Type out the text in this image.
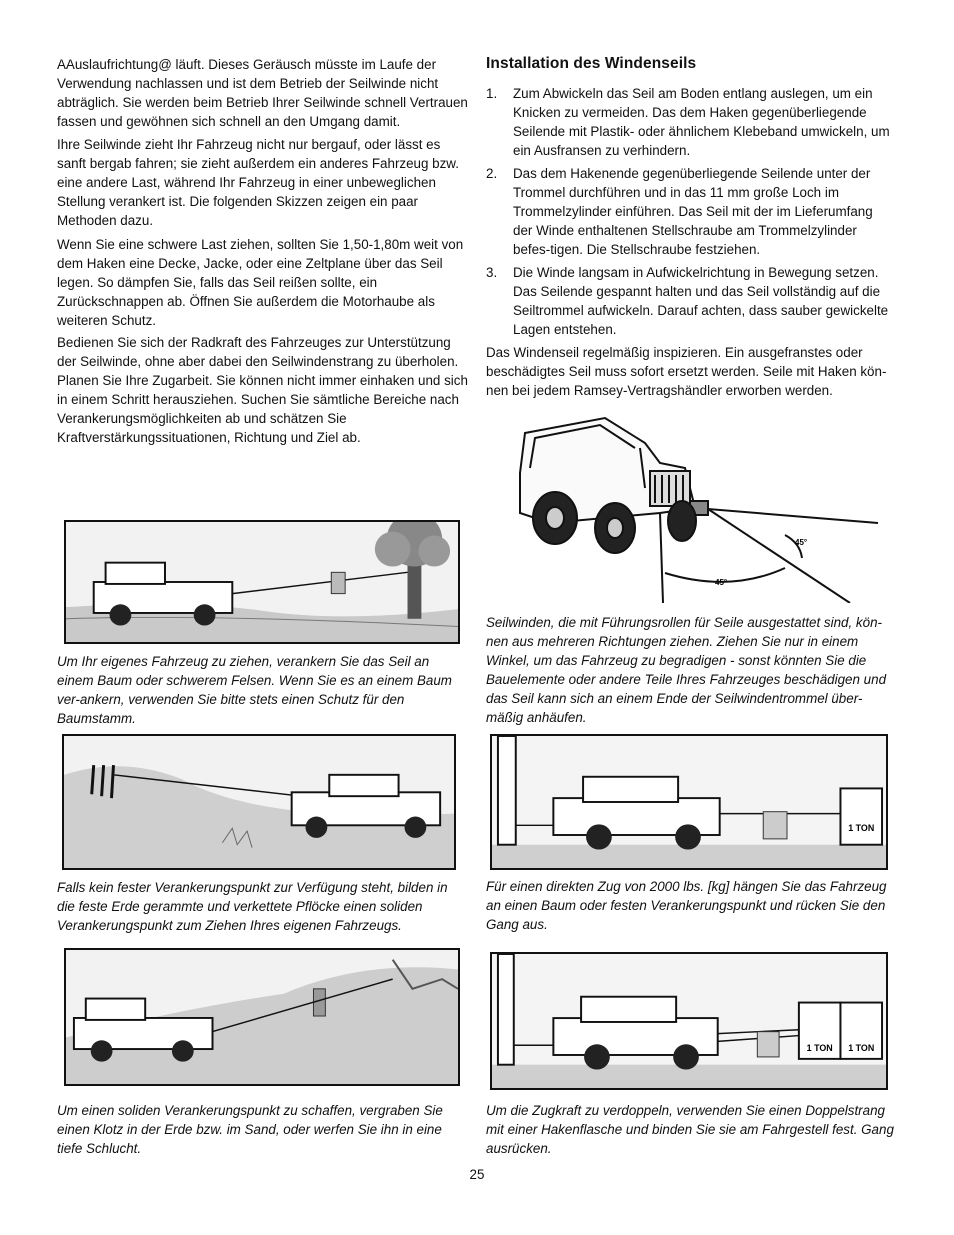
AAuslaufrichtung@ läuft. Dieses Geräusch müsste im Laufe der Verwendung nachlassen und ist dem Betrieb der Seilwinde nicht abträglich. Sie werden beim Betrieb Ihrer Seilwinde schnell Vertrauen fassen und gewöhnen sich schnell an den Umgang damit.

Ihre Seilwinde zieht Ihr Fahrzeug nicht nur bergauf, oder lässt es sanft bergab fahren; sie zieht außerdem ein anderes Fahrzeug bzw. eine andere Last, während Ihr Fahrzeug in einer unbeweglichen Stellung verankert ist. Die folgenden Skizzen zeigen ein paar Methoden dazu.

Wenn Sie eine schwere Last ziehen, sollten Sie 1,50-1,80m weit von dem Haken eine Decke, Jacke, oder eine Zeltplane über das Seil legen. So dämpfen Sie, falls das Seil reißen sollte, ein Zurückschnappen ab. Öffnen Sie außerdem die Motorhaube als weiteren Schutz.

Bedienen Sie sich der Radkraft des Fahrzeuges zur Unterstützung der Seilwinde, ohne aber dabei den Seilwindenstrang zu überholen. Planen Sie Ihre Zugarbeit. Sie können nicht immer einhaken und sich in einem Schritt herausziehen. Suchen Sie sämtliche Bereiche nach Verankerungsmöglichkeiten ab und schätzen Sie Kraftverstärkungssituationen, Richtung und Ziel ab.

Installation des Windenseils
1. Zum Abwickeln das Seil am Boden entlang auslegen, um ein Knicken zu vermeiden. Das dem Haken gegenüberliegende Seilende mit Plastik- oder ähnlichem Klebeband umwickeln, um ein Ausfransen zu verhindern.
2. Das dem Hakenende gegenüberliegende Seilende unter der Trommel durchführen und in das 11 mm große Loch im Trommelzylinder einführen. Das Seil mit der im Lieferumfang der Winde enthaltenen Stellschraube am Trommelzylinder befes-tigen. Die Stellschraube festziehen.
3. Die Winde langsam in Aufwickelrichtung in Bewegung setzen. Das Seilende gespannt halten und das Seil vollständig auf die Seiltrommel aufwickeln. Darauf achten, dass sauber gewickelte Lagen entstehen.

Das Windenseil regelmäßig inspizieren. Ein ausgefranstes oder beschädigtes Seil muss sofort ersetzt werden. Seile mit Haken kön-nen bei jedem Ramsey-Vertragshändler erworben werden.

45°
45°

Um Ihr eigenes Fahrzeug zu ziehen, verankern Sie das Seil an einem Baum oder schwerem Felsen. Wenn Sie es an einem Baum ver-ankern, verwenden Sie bitte stets einen Schutz für den Baumstamm.

Falls kein fester Verankerungspunkt zur Verfügung steht, bilden in die feste Erde gerammte und verkettete Pflöcke einen soliden Verankerungspunkt zum Ziehen Ihres eigenen Fahrzeugs.

Um einen soliden Verankerungspunkt zu schaffen, vergraben Sie einen Klotz in der Erde bzw. im Sand, oder werfen Sie ihn in eine tiefe Schlucht.

Seilwinden, die mit Führungsrollen für Seile ausgestattet sind, kön-nen aus mehreren Richtungen ziehen. Ziehen Sie nur in einem Winkel, um das Fahrzeug zu begradigen - sonst könnten Sie die Bauelemente oder andere Teile Ihres Fahrzeuges beschädigen und das Seil kann sich an einem Ende der Seilwindentrommel über-mäßig anhäufen.

1 TON

Für einen direkten Zug von 2000 lbs. [kg] hängen Sie das Fahrzeug an einen Baum oder festen Verankerungspunkt und rücken Sie den Gang aus.

1 TON 1 TON

Um die Zugkraft zu verdoppeln, verwenden Sie einen Doppelstrang mit einer Hakenflasche und binden Sie sie am Fahrgestell fest. Gang ausrücken.

25
